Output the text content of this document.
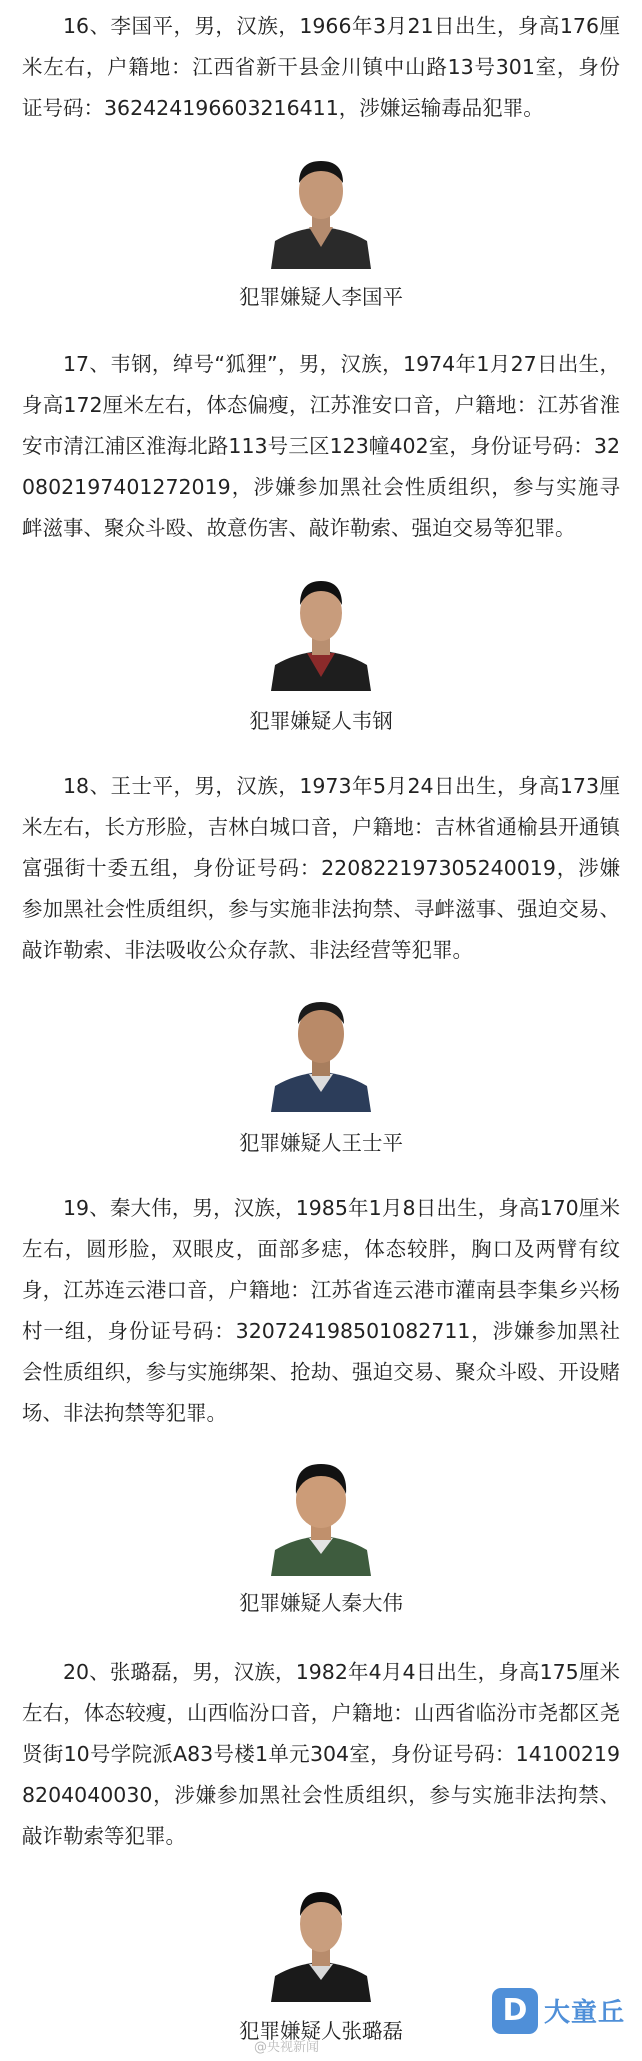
16、李国平，男，汉族，1966年3月21日出生，身高176厘米左右，户籍地：江西省新干县金川镇中山路13号301室，身份证号码：362424196603216411，涉嫌运输毒品犯罪。

犯罪嫌疑人李国平

17、韦钢，绰号“狐狸”，男，汉族，1974年1月27日出生，身高172厘米左右，体态偏瘦，江苏淮安口音，户籍地：江苏省淮安市清江浦区淮海北路113号三区123幢402室，身份证号码：320802197401272019，涉嫌参加黑社会性质组织，参与实施寻衅滋事、聚众斗殴、故意伤害、敲诈勒索、强迫交易等犯罪。

犯罪嫌疑人韦钢

18、王士平，男，汉族，1973年5月24日出生，身高173厘米左右，长方形脸，吉林白城口音，户籍地：吉林省通榆县开通镇富强街十委五组，身份证号码：220822197305240019，涉嫌参加黑社会性质组织，参与实施非法拘禁、寻衅滋事、强迫交易、敲诈勒索、非法吸收公众存款、非法经营等犯罪。

犯罪嫌疑人王士平

19、秦大伟，男，汉族，1985年1月8日出生，身高170厘米左右，圆形脸，双眼皮，面部多痣，体态较胖，胸口及两臂有纹身，江苏连云港口音，户籍地：江苏省连云港市灌南县李集乡兴杨村一组，身份证号码：320724198501082711，涉嫌参加黑社会性质组织，参与实施绑架、抢劫、强迫交易、聚众斗殴、开设赌场、非法拘禁等犯罪。

犯罪嫌疑人秦大伟

20、张璐磊，男，汉族，1982年4月4日出生，身高175厘米左右，体态较瘦，山西临汾口音，户籍地：山西省临汾市尧都区尧贤街10号学院派A83号楼1单元304室，身份证号码：141002198204040030，涉嫌参加黑社会性质组织，参与实施非法拘禁、敲诈勒索等犯罪。

犯罪嫌疑人张璐磊
@央视新闻
D 大童丘
